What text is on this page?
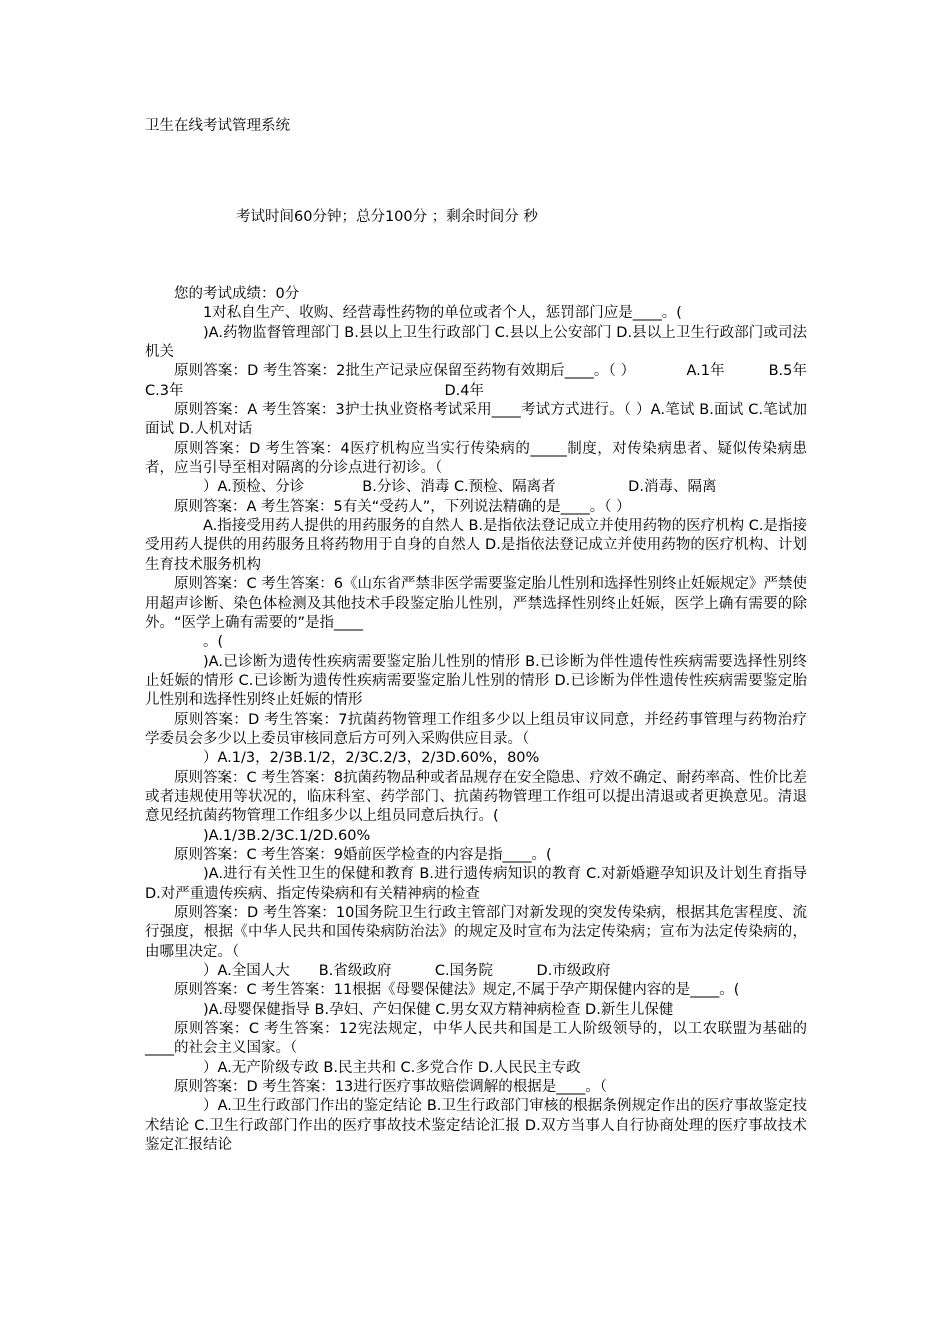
卫生在线考试管理系统
考试时间60分钟；总分100分 ；剩余时间分 秒

您的考试成绩：0分

1对私自生产、收购、经营毒性药物的单位或者个人，惩罚部门应是____。(

)A.药物监督管理部门 B.县以上卫生行政部门 C.县以上公安部门 D.县以上卫生行政部门或司法机关

原则答案：D 考生答案：2批生产记录应保留至药物有效期后____。（ ）　　　　A.1年　　　B.5年 C.3年　　　　　　　　　　　　　　　　　　D.4年

原则答案：A 考生答案：3护士执业资格考试采用____考试方式进行。（ ）A.笔试 B.面试 C.笔试加面试 D.人机对话

原则答案：D 考生答案：4医疗机构应当实行传染病的_____制度，对传染病患者、疑似传染病患者，应当引导至相对隔离的分诊点进行初诊。（

）A.预检、分诊　　　　B.分诊、消毒 C.预检、隔离者　　　　　D.消毒、隔离

原则答案：A 考生答案：5有关“受药人”，下列说法精确的是____。（ ）

A.指接受用药人提供的用药服务的自然人 B.是指依法登记成立并使用药物的医疗机构 C.是指接受用药人提供的用药服务且将药物用于自身的自然人 D.是指依法登记成立并使用药物的医疗机构、计划生育技术服务机构

原则答案：C 考生答案：6《山东省严禁非医学需要鉴定胎儿性别和选择性别终止妊娠规定》严禁使用超声诊断、染色体检测及其他技术手段鉴定胎儿性别，严禁选择性别终止妊娠，医学上确有需要的除外。“医学上确有需要的”是指____

。(

)A.已诊断为遗传性疾病需要鉴定胎儿性别的情形 B.已诊断为伴性遗传性疾病需要选择性别终止妊娠的情形 C.已诊断为遗传性疾病需要鉴定胎儿性别的情形 D.已诊断为伴性遗传性疾病需要鉴定胎儿性别和选择性别终止妊娠的情形

原则答案：D 考生答案：7抗菌药物管理工作组多少以上组员审议同意，并经药事管理与药物治疗学委员会多少以上委员审核同意后方可列入采购供应目录。（

）A.1/3，2/3B.1/2，2/3C.2/3，2/3D.60%，80%

原则答案：C 考生答案：8抗菌药物品种或者品规存在安全隐患、疗效不确定、耐药率高、性价比差或者违规使用等状况的，临床科室、药学部门、抗菌药物管理工作组可以提出清退或者更换意见。清退意见经抗菌药物管理工作组多少以上组员同意后执行。(

)A.1/3B.2/3C.1/2D.60%

原则答案：C 考生答案：9婚前医学检查的内容是指____。(

)A.进行有关性卫生的保健和教育 B.进行遗传病知识的教育 C.对新婚避孕知识及计划生育指导 D.对严重遗传疾病、指定传染病和有关精神病的检查

原则答案：D 考生答案：10国务院卫生行政主管部门对新发现的突发传染病，根据其危害程度、流行强度，根据《中华人民共和国传染病防治法》的规定及时宣布为法定传染病；宣布为法定传染病的，由哪里决定。（

）A.全国人大　　B.省级政府　　　C.国务院　　　D.市级政府

原则答案：C 考生答案：11根据《母婴保健法》规定,不属于孕产期保健内容的是____。(

)A.母婴保健指导 B.孕妇、产妇保健 C.男女双方精神病检查 D.新生儿保健

原则答案：C 考生答案：12宪法规定，中华人民共和国是工人阶级领导的，以工农联盟为基础的____的社会主义国家。（

）A.无产阶级专政 B.民主共和 C.多党合作 D.人民民主专政

原则答案：D 考生答案：13进行医疗事故赔偿调解的根据是____。（

）A.卫生行政部门作出的鉴定结论 B.卫生行政部门审核的根据条例规定作出的医疗事故鉴定技术结论 C.卫生行政部门作出的医疗事故技术鉴定结论汇报 D.双方当事人自行协商处理的医疗事故技术鉴定汇报结论
